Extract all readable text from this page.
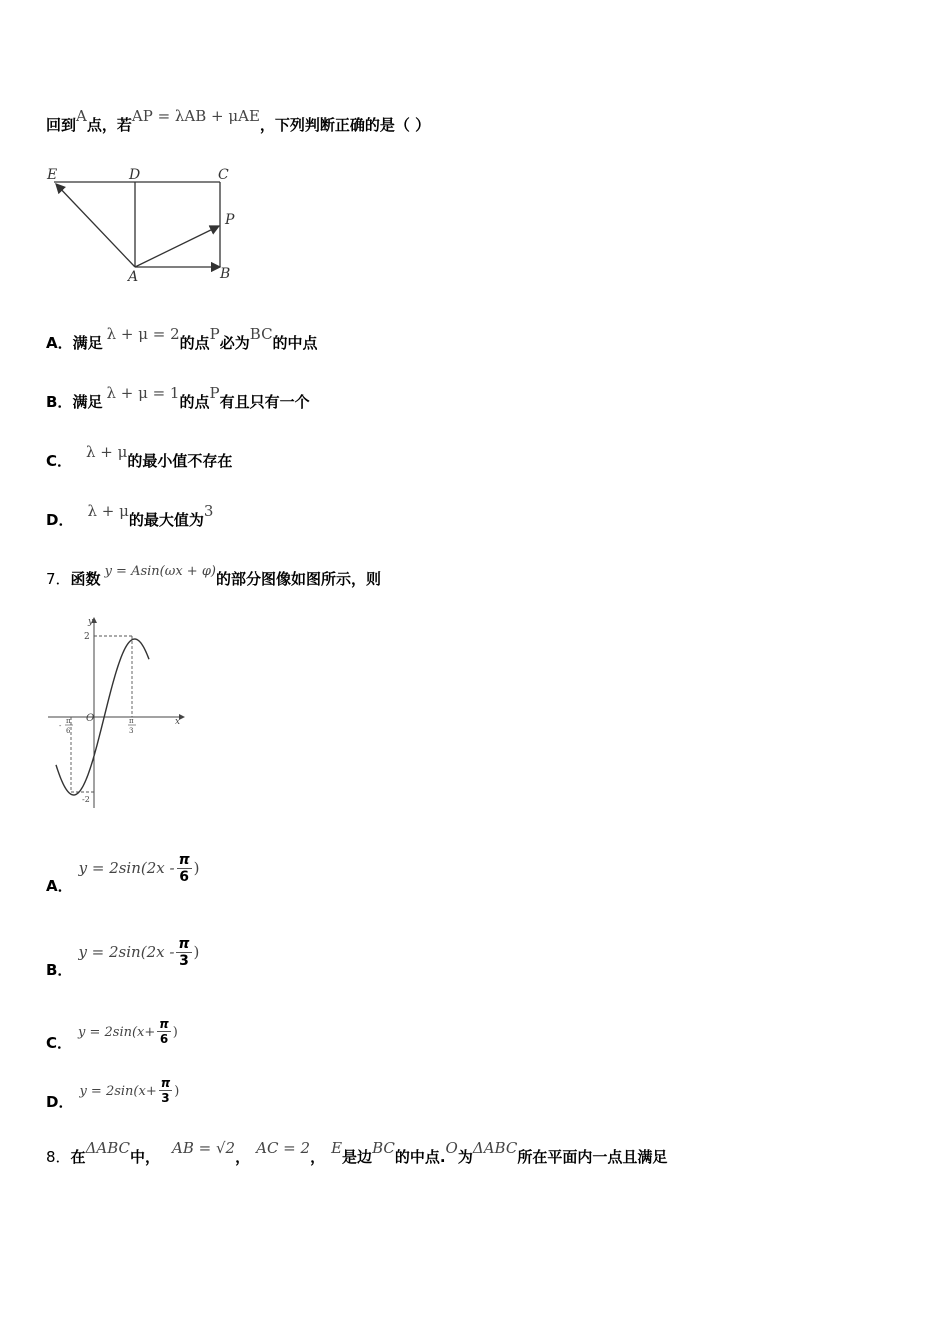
回到A点，若AP = λAB + μAE，下列判断正确的是（ ）
E	D	C
P
A	B
A．满足 λ + μ = 2的点P必为BC的中点
B．满足 λ + μ = 1的点P有且只有一个
C． λ + μ的最小值不存在
D． λ + μ的最大值为3
7．函数 y = Asin(ωx + φ)的部分图像如图所示，则
y
x
O
2
-2
π
-
6
π
3
A．$y = 2\sin(2x - \frac{\pi}{6}$ )
B．$y = 2\sin(2x - \frac{\pi}{3}$ )
C．$y = 2\sin(x+ \frac{\pi}{6}$ )
D．$y = 2\sin(x+ \frac{\pi}{3}$ )
8．在ΔABC中， AB = √2， AC = 2， E是边BC的中点.O为ΔABC所在平面内一点且满足
